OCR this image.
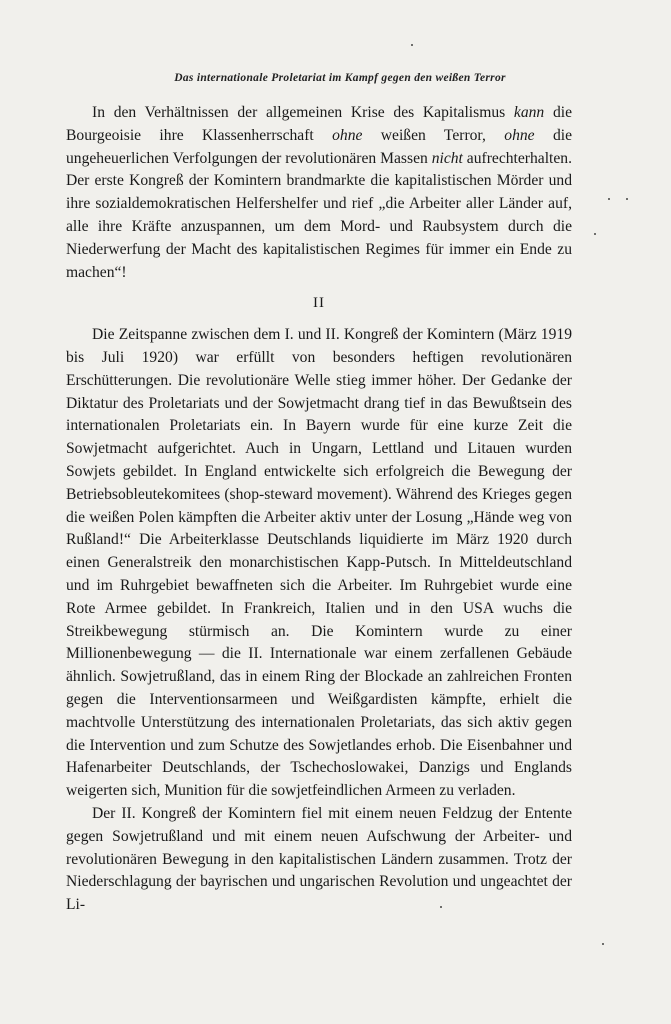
Das internationale Proletariat im Kampf gegen den weißen Terror

In den Verhältnissen der allgemeinen Krise des Kapitalismus kann die Bourgeoisie ihre Klassenherrschaft ohne weißen Terror, ohne die ungeheuerlichen Verfolgungen der revolutionären Massen nicht aufrechterhalten. Der erste Kongreß der Komintern brandmarkte die kapitalistischen Mörder und ihre sozialdemokratischen Helfershelfer und rief „die Arbeiter aller Länder auf, alle ihre Kräfte anzuspannen, um dem Mord- und Raubsystem durch die Niederwerfung der Macht des kapitalistischen Regimes für immer ein Ende zu machen“!

II

Die Zeitspanne zwischen dem I. und II. Kongreß der Komintern (März 1919 bis Juli 1920) war erfüllt von besonders heftigen revolutionären Erschütterungen. Die revolutionäre Welle stieg immer höher. Der Gedanke der Diktatur des Proletariats und der Sowjetmacht drang tief in das Bewußtsein des internationalen Proletariats ein. In Bayern wurde für eine kurze Zeit die Sowjetmacht aufgerichtet. Auch in Ungarn, Lettland und Litauen wurden Sowjets gebildet. In England entwickelte sich erfolgreich die Bewegung der Betriebsobleutekomitees (shop-steward movement). Während des Krieges gegen die weißen Polen kämpften die Arbeiter aktiv unter der Losung „Hände weg von Rußland!“ Die Arbeiterklasse Deutschlands liquidierte im März 1920 durch einen Generalstreik den monarchistischen Kapp-Putsch. In Mitteldeutschland und im Ruhrgebiet bewaffneten sich die Arbeiter. Im Ruhrgebiet wurde eine Rote Armee gebildet. In Frankreich, Italien und in den USA wuchs die Streikbewegung stürmisch an. Die Komintern wurde zu einer Millionenbewegung — die II. Internationale war einem zerfallenen Gebäude ähnlich. Sowjetrußland, das in einem Ring der Blockade an zahlreichen Fronten gegen die Interventionsarmeen und Weißgardisten kämpfte, erhielt die machtvolle Unterstützung des internationalen Proletariats, das sich aktiv gegen die Intervention und zum Schutze des Sowjetlandes erhob. Die Eisenbahner und Hafenarbeiter Deutschlands, der Tschechoslowakei, Danzigs und Englands weigerten sich, Munition für die sowjetfeindlichen Armeen zu verladen.

Der II. Kongreß der Komintern fiel mit einem neuen Feldzug der Entente gegen Sowjetrußland und mit einem neuen Aufschwung der Arbeiter- und revolutionären Bewegung in den kapitalistischen Ländern zusammen. Trotz der Niederschlagung der bayrischen und ungarischen Revolution und ungeachtet der Li-
